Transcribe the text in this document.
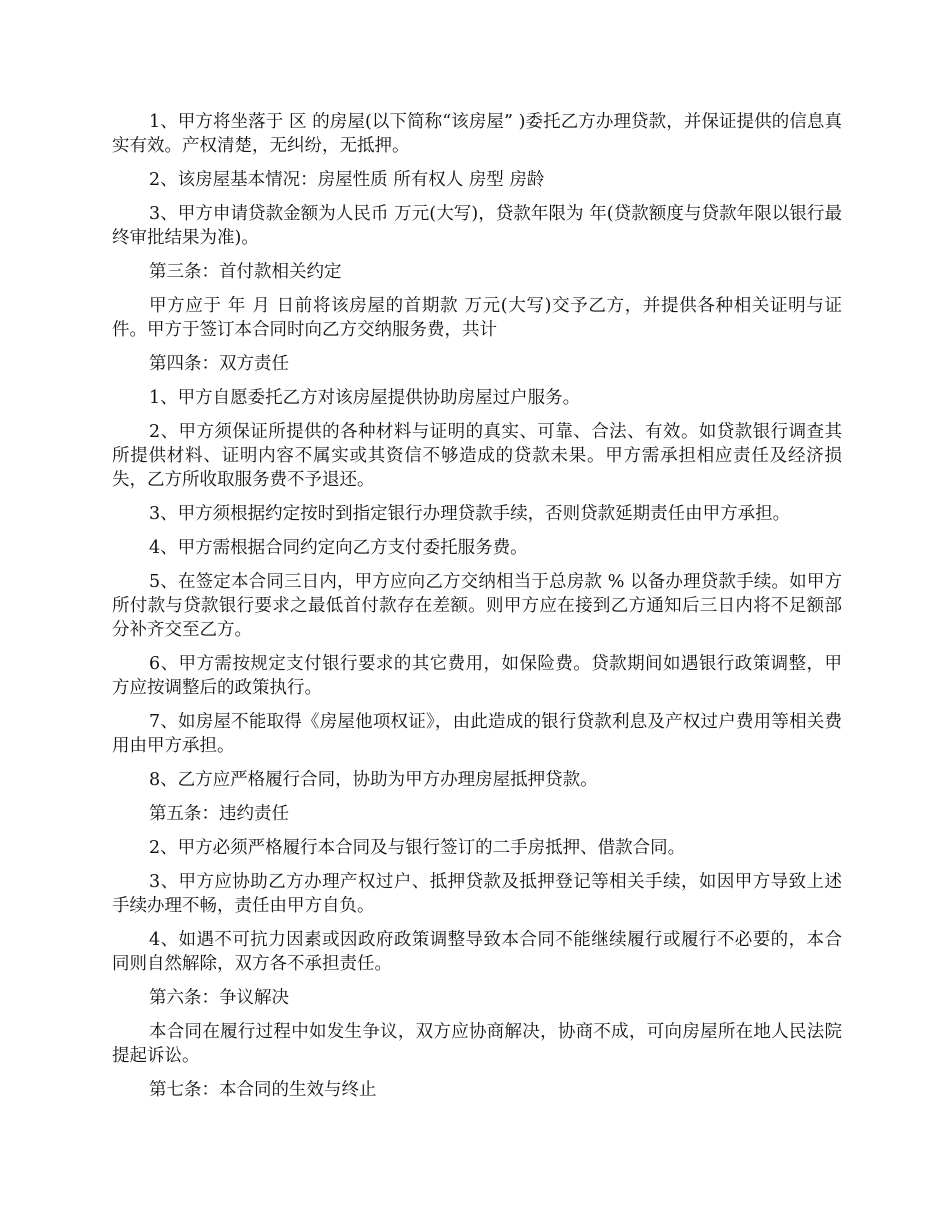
1、甲方将坐落于 区 的房屋(以下简称“该房屋” )委托乙方办理贷款，并保证提供的信息真实有效。产权清楚，无纠纷，无抵押。

2、该房屋基本情况：房屋性质 所有权人 房型 房龄

3、甲方申请贷款金额为人民币 万元(大写)，贷款年限为 年(贷款额度与贷款年限以银行最终审批结果为准)。

第三条：首付款相关约定

甲方应于 年 月 日前将该房屋的首期款 万元(大写)交予乙方，并提供各种相关证明与证件。甲方于签订本合同时向乙方交纳服务费，共计

第四条：双方责任

1、甲方自愿委托乙方对该房屋提供协助房屋过户服务。

2、甲方须保证所提供的各种材料与证明的真实、可靠、合法、有效。如贷款银行调查其所提供材料、证明内容不属实或其资信不够造成的贷款未果。甲方需承担相应责任及经济损失，乙方所收取服务费不予退还。

3、甲方须根据约定按时到指定银行办理贷款手续，否则贷款延期责任由甲方承担。

4、甲方需根据合同约定向乙方支付委托服务费。

5、在签定本合同三日内，甲方应向乙方交纳相当于总房款 % 以备办理贷款手续。如甲方所付款与贷款银行要求之最低首付款存在差额。则甲方应在接到乙方通知后三日内将不足额部分补齐交至乙方。

6、甲方需按规定支付银行要求的其它费用，如保险费。贷款期间如遇银行政策调整，甲方应按调整后的政策执行。

7、如房屋不能取得《房屋他项权证》，由此造成的银行贷款利息及产权过户费用等相关费用由甲方承担。

8、乙方应严格履行合同，协助为甲方办理房屋抵押贷款。

第五条：违约责任

2、甲方必须严格履行本合同及与银行签订的二手房抵押、借款合同。

3、甲方应协助乙方办理产权过户、抵押贷款及抵押登记等相关手续，如因甲方导致上述手续办理不畅，责任由甲方自负。

4、如遇不可抗力因素或因政府政策调整导致本合同不能继续履行或履行不必要的，本合同则自然解除，双方各不承担责任。

第六条：争议解决

本合同在履行过程中如发生争议，双方应协商解决，协商不成，可向房屋所在地人民法院提起诉讼。

第七条：本合同的生效与终止
